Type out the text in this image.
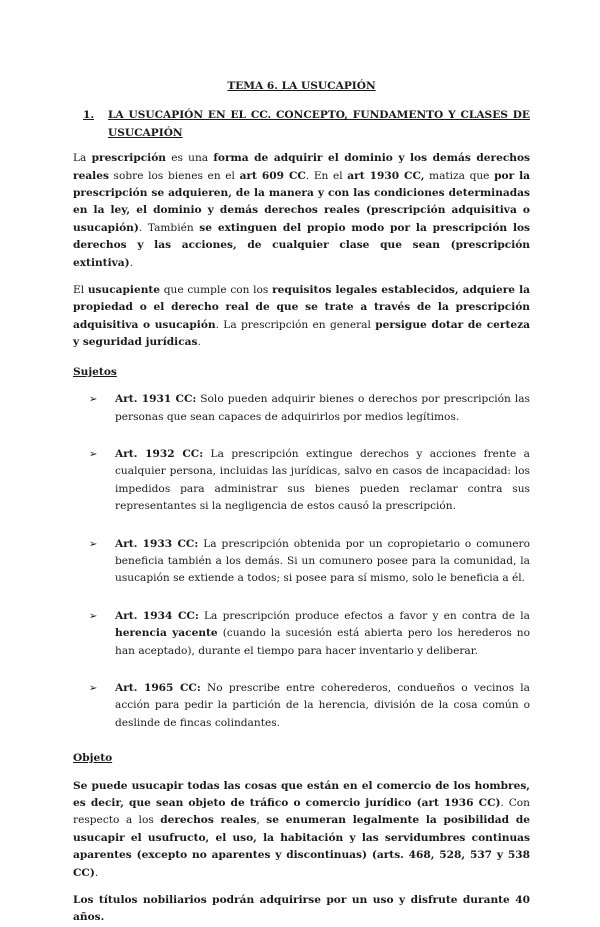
TEMA 6. LA USUCAPIÓN
1.	LA USUCAPIÓN EN EL CC. CONCEPTO, FUNDAMENTO Y CLASES DE USUCAPIÓN

La prescripción es una forma de adquirir el dominio y los demás derechos reales sobre los bienes en el art 609 CC. En el art 1930 CC, matiza que por la prescripción se adquieren, de la manera y con las condiciones determinadas en la ley, el dominio y demás derechos reales (prescripción adquisitiva o usucapión). También se extinguen del propio modo por la prescripción los derechos y las acciones, de cualquier clase que sean (prescripción extintiva).

El usucapiente que cumple con los requisitos legales establecidos, adquiere la propiedad o el derecho real de que se trate a través de la prescripción adquisitiva o usucapión. La prescripción en general persigue dotar de certeza y seguridad jurídicas.

Sujetos
➢	Art. 1931 CC: Solo pueden adquirir bienes o derechos por prescripción las personas que sean capaces de adquirirlos por medios legítimos.
➢	Art. 1932 CC: La prescripción extingue derechos y acciones frente a cualquier persona, incluidas las jurídicas, salvo en casos de incapacidad: los impedidos para administrar sus bienes pueden reclamar contra sus representantes si la negligencia de estos causó la prescripción.
➢	Art. 1933 CC: La prescripción obtenida por un copropietario o comunero beneficia también a los demás. Si un comunero posee para la comunidad, la usucapión se extiende a todos; si posee para sí mismo, solo le beneficia a él.
➢	Art. 1934 CC: La prescripción produce efectos a favor y en contra de la herencia yacente (cuando la sucesión está abierta pero los herederos no han aceptado), durante el tiempo para hacer inventario y deliberar.
➢	Art. 1965 CC: No prescribe entre coherederos, condueños o vecinos la acción para pedir la partición de la herencia, división de la cosa común o deslinde de fincas colindantes.
Objeto

Se puede usucapir todas las cosas que están en el comercio de los hombres, es decir, que sean objeto de tráfico o comercio jurídico (art 1936 CC). Con respecto a los derechos reales, se enumeran legalmente la posibilidad de usucapir el usufructo, el uso, la habitación y las servidumbres continuas aparentes (excepto no aparentes y discontinuas) (arts. 468, 528, 537 y 538 CC).

Los títulos nobiliarios podrán adquirirse por un uso y disfrute durante 40 años.
